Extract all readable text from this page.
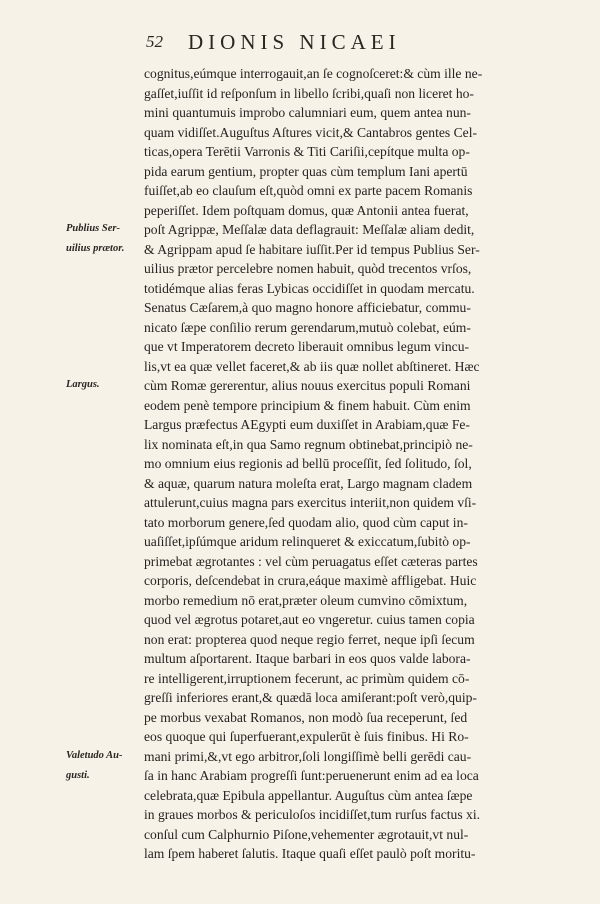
52 DIONIS NICAEI
Publius Ser-
uilius prætor.
Largus.
Valetudo Au-
gusti.
cognitus,eúmque interrogauit,an ſe cognoſceret:& cùm ille ne-
gaſſet,iuſſit id reſponſum in libello ſcribi,quaſi non liceret ho-
mini quantumuis improbo calumniari eum, quem antea nun-
quam vidiſſet.Auguſtus Aſtures vicit,& Cantabros gentes Cel-
ticas,opera Terētii Varronis & Titi Cariſii,cepítque multa op-
pida earum gentium, propter quas cùm templum Iani apertū
fuiſſet,ab eo clauſum eſt,quòd omni ex parte pacem Romanis
peperiſſet. Idem poſtquam domus, quæ Antonii antea fuerat,
poſt Agrippæ, Meſſalæ data deflagrauit: Meſſalæ aliam dedit,
& Agrippam apud ſe habitare iuſſit.Per id tempus Publius Ser-
uilius prætor percelebre nomen habuit, quòd trecentos vrſos,
totidémque alias feras Lybicas occidiſſet in quodam mercatu.
Senatus Cæſarem,à quo magno honore afficiebatur, commu-
nicato ſæpe conſilio rerum gerendarum,mutuò colebat, eúm-
que vt Imperatorem decreto liberauit omnibus legum vincu-
lis,vt ea quæ vellet faceret,& ab iis quæ nollet abſtineret. Hæc
cùm Romæ gererentur, alius nouus exercitus populi Romani
eodem penè tempore principium & finem habuit. Cùm enim
Largus præfectus AEgypti eum duxiſſet in Arabiam,quæ Fe-
lix nominata eſt,in qua Samo regnum obtinebat,principiò ne-
mo omnium eius regionis ad bellū proceſſit, ſed ſolitudo, ſol,
& aquæ, quarum natura moleſta erat, Largo magnam cladem
attulerunt,cuius magna pars exercitus interiit,non quidem vſi-
tato morborum genere,ſed quodam alio, quod cùm caput in-
uaſiſſet,ipſúmque aridum relinqueret & exiccatum,ſubitò op-
primebat ægrotantes : vel cùm peruagatus eſſet cæteras partes
corporis, deſcendebat in crura,eáque maximè affligebat. Huic
morbo remedium nō erat,præter oleum cumvino cōmixtum,
quod vel ægrotus potaret,aut eo vngeretur. cuius tamen copia
non erat: propterea quod neque regio ferret, neque ipſi ſecum
multum aſportarent. Itaque barbari in eos quos valde labora-
re intelligerent,irruptionem fecerunt, ac primùm quidem cō-
greſſi inferiores erant,& quædā loca amiſerant:poſt verò,quip-
pe morbus vexabat Romanos, non modò ſua receperunt, ſed
eos quoque qui ſuperfuerant,expulerūt è ſuis finibus. Hi Ro-
mani primi,&,vt ego arbitror,ſoli longiſſimè belli gerēdi cau-
ſa in hanc Arabiam progreſſi ſunt:peruenerunt enim ad ea loca
celebrata,quæ Epibula appellantur. Auguſtus cùm antea ſæpe
in graues morbos & periculoſos incidiſſet,tum rurſus factus xi.
conſul cum Calphurnio Piſone,vehementer ægrotauit,vt nul-
lam ſpem haberet ſalutis. Itaque quaſi eſſet paulò poſt moritu-
